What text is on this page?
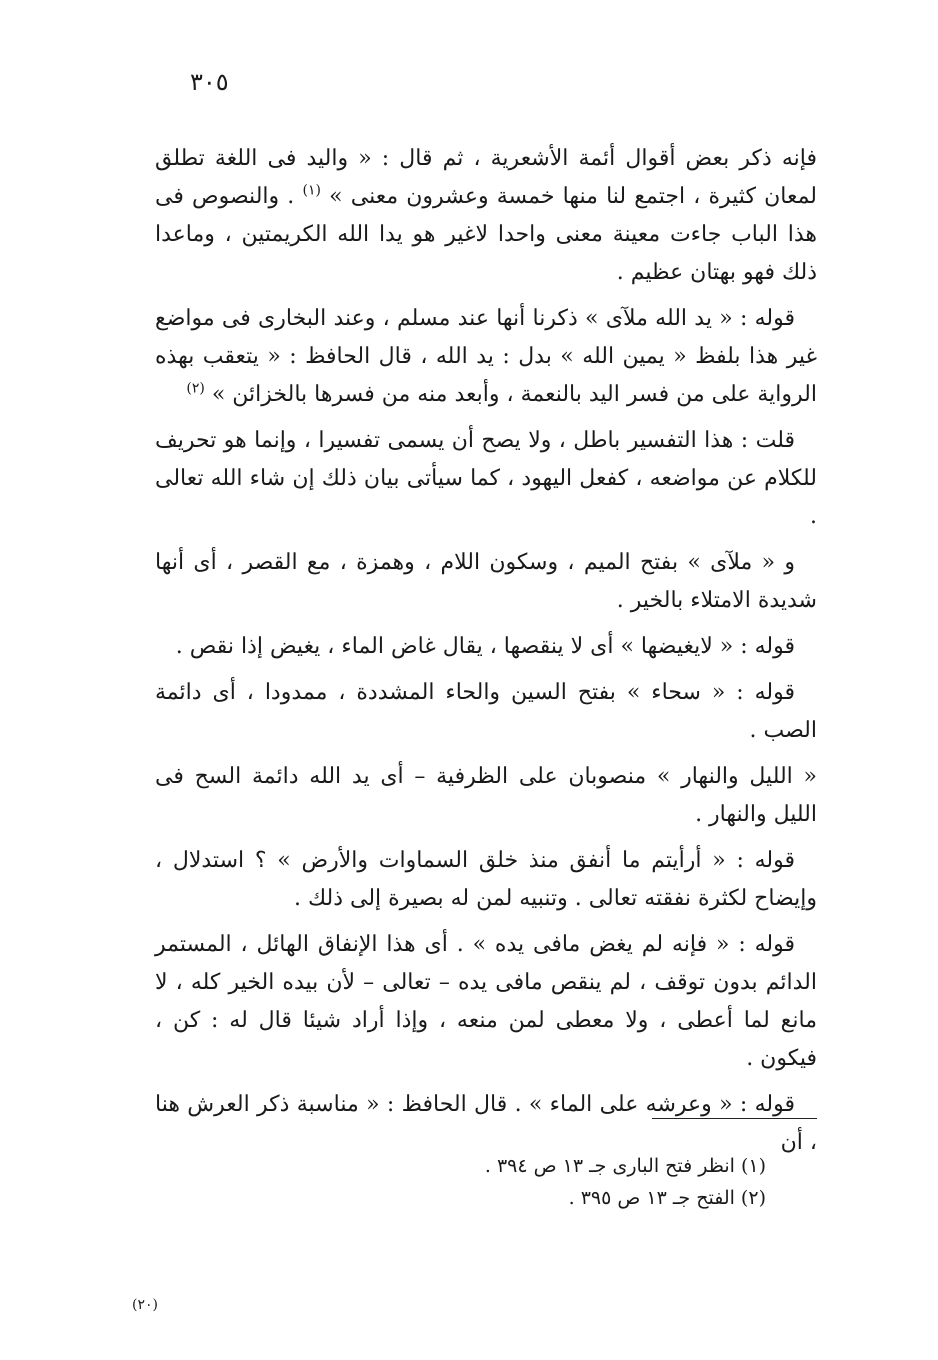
٣٠٥

فإنه ذكر بعض أقوال أئمة الأشعرية ، ثم قال : « واليد فى اللغة تطلق لمعان كثيرة ، اجتمع لنا منها خمسة وعشرون معنى » $^{(١)}$ . والنصوص فى هذا الباب جاءت معينة معنى واحدا لاغير هو يدا الله الكريمتين ، وماعدا ذلك فهو بهتان عظيم .

قوله : « يد الله ملآى » ذكرنا أنها عند مسلم ، وعند البخارى فى مواضع غير هذا بلفظ « يمين الله » بدل : يد الله ، قال الحافظ : « يتعقب بهذه الرواية على من فسر اليد بالنعمة ، وأبعد منه من فسرها بالخزائن » $^{(٢)}$

قلت : هذا التفسير باطل ، ولا يصح أن يسمى تفسيرا ، وإنما هو تحريف للكلام عن مواضعه ، كفعل اليهود ، كما سيأتى بيان ذلك إن شاء الله تعالى .

و « ملآى » بفتح الميم ، وسكون اللام ، وهمزة ، مع القصر ، أى أنها شديدة الامتلاء بالخير .

قوله : « لايغيضها » أى لا ينقصها ، يقال غاض الماء ، يغيض إذا نقص .

قوله : « سحاء » بفتح السين والحاء المشددة ، ممدودا ، أى دائمة الصب .

« الليل والنهار » منصوبان على الظرفية – أى يد الله دائمة السح فى الليل والنهار .

قوله : « أرأيتم ما أنفق منذ خلق السماوات والأرض » ؟ استدلال ، وإيضاح لكثرة نفقته تعالى . وتنبيه لمن له بصيرة إلى ذلك .

قوله : « فإنه لم يغض مافى يده » . أى هذا الإنفاق الهائل ، المستمر الدائم بدون توقف ، لم ينقص مافى يده – تعالى – لأن بيده الخير كله ، لا مانع لما أعطى ، ولا معطى لمن منعه ، وإذا أراد شيئا قال له : كن ، فيكون .

قوله : « وعرشه على الماء » . قال الحافظ : « مناسبة ذكر العرش هنا ، أن

(١) انظر فتح البارى جـ ١٣ ص ٣٩٤ .

(٢) الفتح جـ ١٣ ص ٣٩٥ .

(٢٠)
